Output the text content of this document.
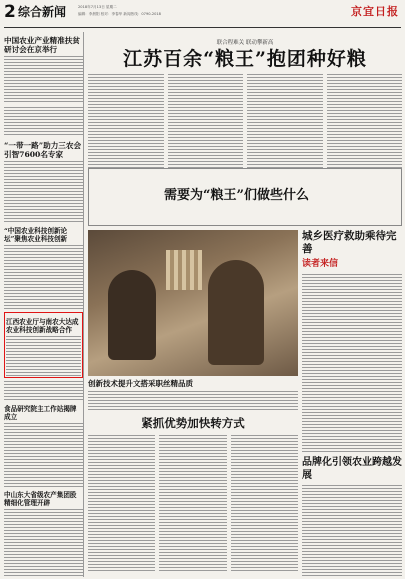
2 综合新闻	2018年7月13日 星期二
编辑：李晨阳 校对：李春华 新闻热线：0790-2018	京宜日报
中国农业产业精准扶贫研讨会在京举行
“一带一路”助力三农会引智7600名专家
“中国农业科技创新论坛”聚焦农业科技创新
江西农业厅与南农大达成农业科技创新战略合作
食品研究院主工作站揭牌成立
中山东大省级农产集团股精细化管理开辟
联合程难关 联动攀新高
江苏百余“粮王”抱团种好粮
需要为“粮王”们做些什么
创新技术提升文搭采职丝精品质
城乡医疗救助乘待完善
读者来信
紧抓优势加快转方式
品牌化引领农业跨越发展
